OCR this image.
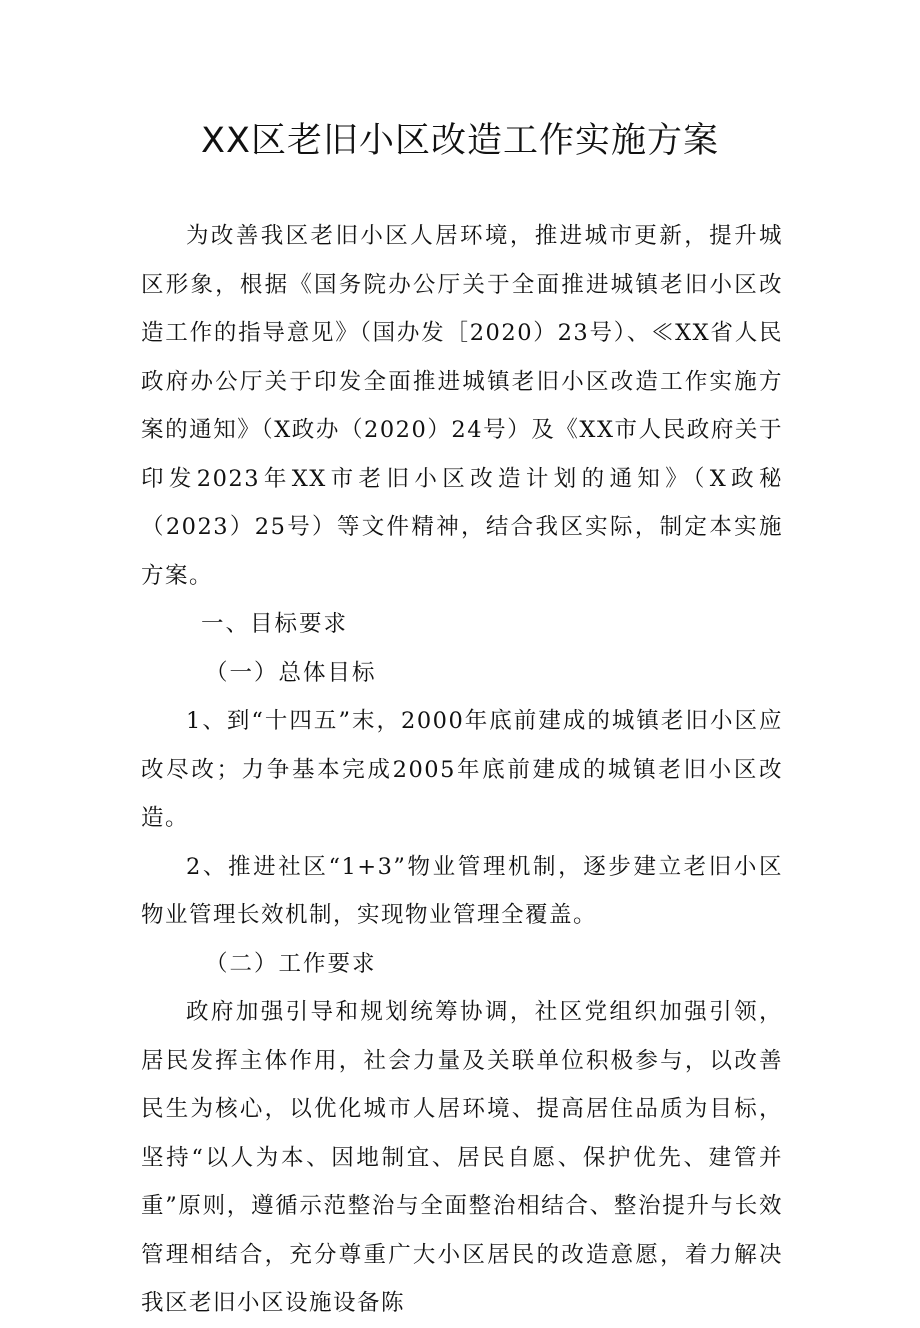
XX区老旧小区改造工作实施方案

为改善我区老旧小区人居环境，推进城市更新，提升城区形象，根据《国务院办公厅关于全面推进城镇老旧小区改造工作的指导意见》（国办发［2020）23号）、≪XX省人民政府办公厅关于印发全面推进城镇老旧小区改造工作实施方案的通知》（X政办（2020）24号）及《XX市人民政府关于印发2023年XX市老旧小区改造计划的通知》（X政秘（2023）25号）等文件精神，结合我区实际，制定本实施方案。

一、目标要求

（一）总体目标

1、到“十四五”末，2000年底前建成的城镇老旧小区应改尽改；力争基本完成2005年底前建成的城镇老旧小区改造。

2、推进社区“1+3”物业管理机制，逐步建立老旧小区物业管理长效机制，实现物业管理全覆盖。

（二）工作要求

政府加强引导和规划统筹协调，社区党组织加强引领，居民发挥主体作用，社会力量及关联单位积极参与，以改善民生为核心，以优化城市人居环境、提高居住品质为目标，坚持“以人为本、因地制宜、居民自愿、保护优先、建管并重”原则，遵循示范整治与全面整治相结合、整治提升与长效管理相结合，充分尊重广大小区居民的改造意愿，着力解决我区老旧小区设施设备陈
